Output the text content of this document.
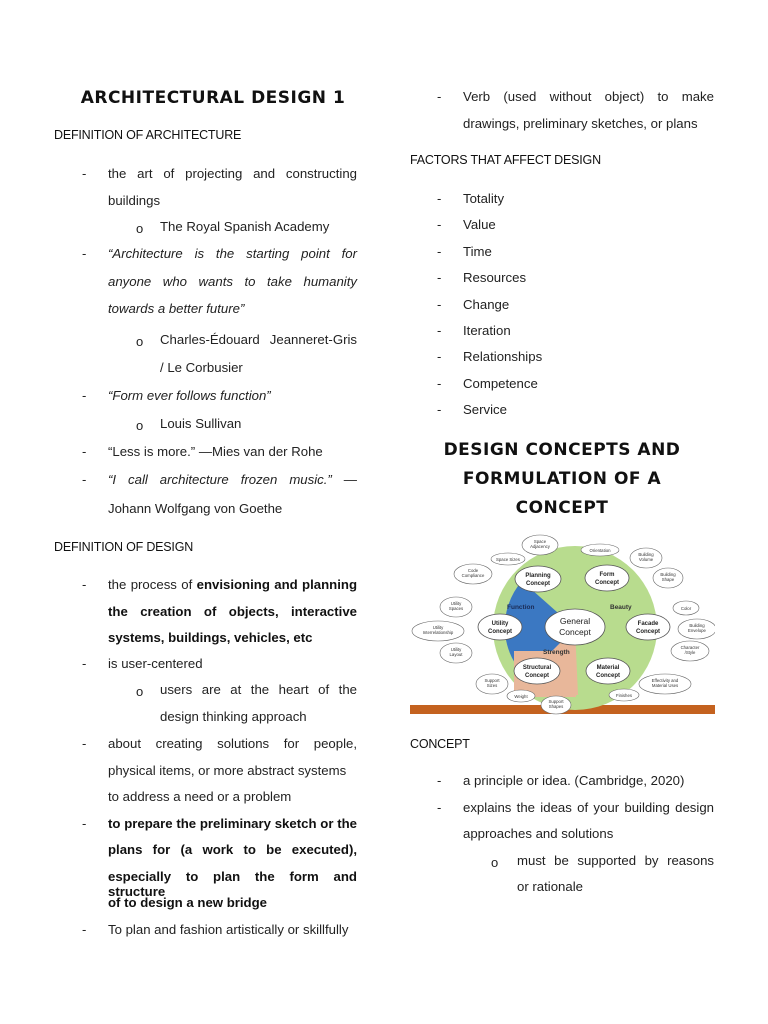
ARCHITECTURAL DESIGN 1
DEFINITION OF ARCHITECTURE
- the art of projecting and constructing
buildings
o The Royal Spanish Academy
- “Architecture is the starting point for
anyone who wants to take humanity
towards a better future”
o Charles-Édouard Jeanneret-Gris
/ Le Corbusier
- “Form ever follows function”
o Louis Sullivan
- “Less is more.” —Mies van der Rohe
- “I call architecture frozen music.” —
Johann Wolfgang von Goethe
DEFINITION OF DESIGN
- the process of envisioning and planning
the creation of objects, interactive
systems, buildings, vehicles, etc
- is user-centered
o users are at the heart of the
design thinking approach
- about creating solutions for people,
physical items, or more abstract systems
to address a need or a problem
- to prepare the preliminary sketch or the
plans for (a work to be executed),
especially to plan the form and structure
of to design a new bridge
- To plan and fashion artistically or skillfully
- Verb (used without object) to make
drawings, preliminary sketches, or plans
FACTORS THAT AFFECT DESIGN
- Totality
- Value
- Time
- Resources
- Change
- Iteration
- Relationships
- Competence
- Service
DESIGN CONCEPTS AND
FORMULATION OF A
CONCEPT
Function	Beauty
Strength
General
Concept
Planning
Concept
Form
Concept
Utility
Concept
Facade
Concept
Structural
Concept
Material
Concept
Space
Adjacency
Space Sizes
Code
Compliance
Orientation
Building
Volume
Building
Shape
Utility
Spaces
Utility
Interrelationship
Utility
Layout
Color
Building
Envelope
Character
/Style
Support
Sizes
Weight
Support
Shapes
Finishes
Effectivity and
Material Uses
CONCEPT
- a principle or idea. (Cambridge, 2020)
- explains the ideas of your building design
approaches and solutions
o must be supported by reasons
or rationale
